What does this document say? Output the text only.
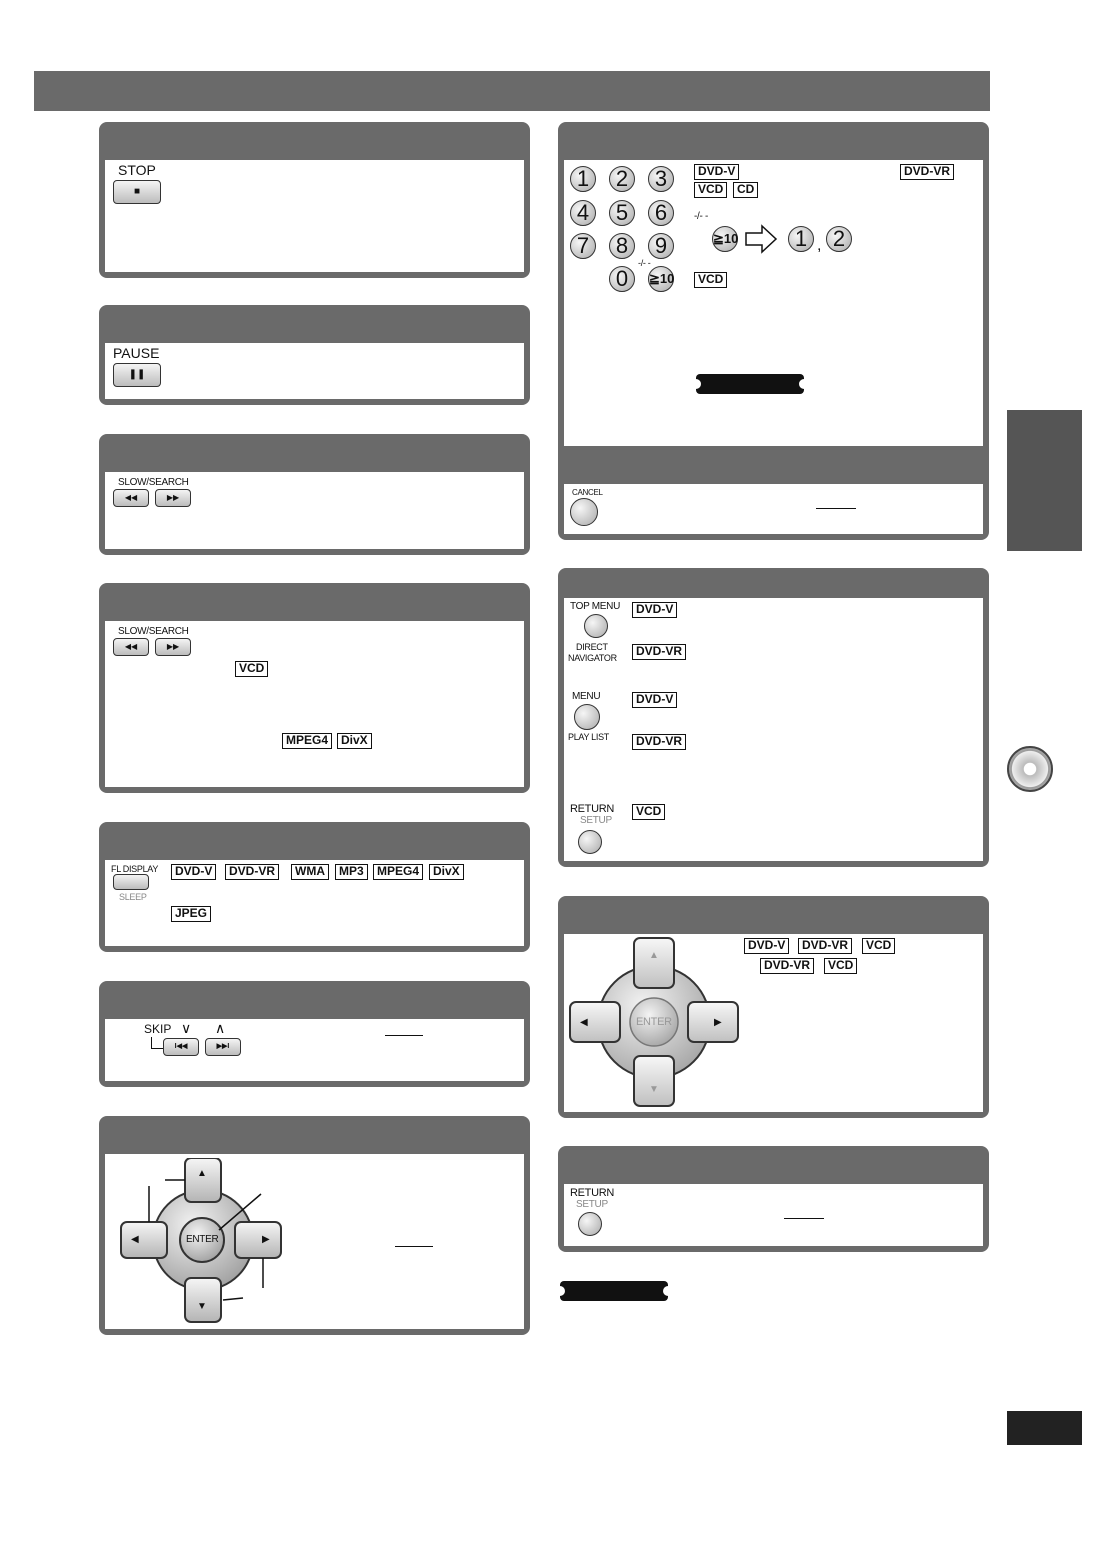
STOP
■
PAUSE
❚❚
SLOW/SEARCH
◀◀	▶▶
SLOW/SEARCH
◀◀	▶▶
VCD
MPEG4	DivX
FL DISPLAY
SLEEP
DVD-V	DVD-VR	WMA	MP3	MPEG4	DivX
JPEG
SKIP ∨ ∧
I◀◀	▶▶I
▲
▼
◀	▶
ENTER
1	2	3
4	5	6
7	8	9
0
-/- -
≧10
DVD-V	DVD-VR
VCD	CD
-/- -
≧10	1 , 2
VCD
CANCEL
TOP MENU
DIRECT
NAVIGATOR
DVD-V
DVD-VR
MENU
PLAY LIST
DVD-V
DVD-VR
RETURN
SETUP
VCD
▲
▼
◀	▶
ENTER
DVD-V	DVD-VR	VCD
DVD-VR	VCD
RETURN
SETUP
